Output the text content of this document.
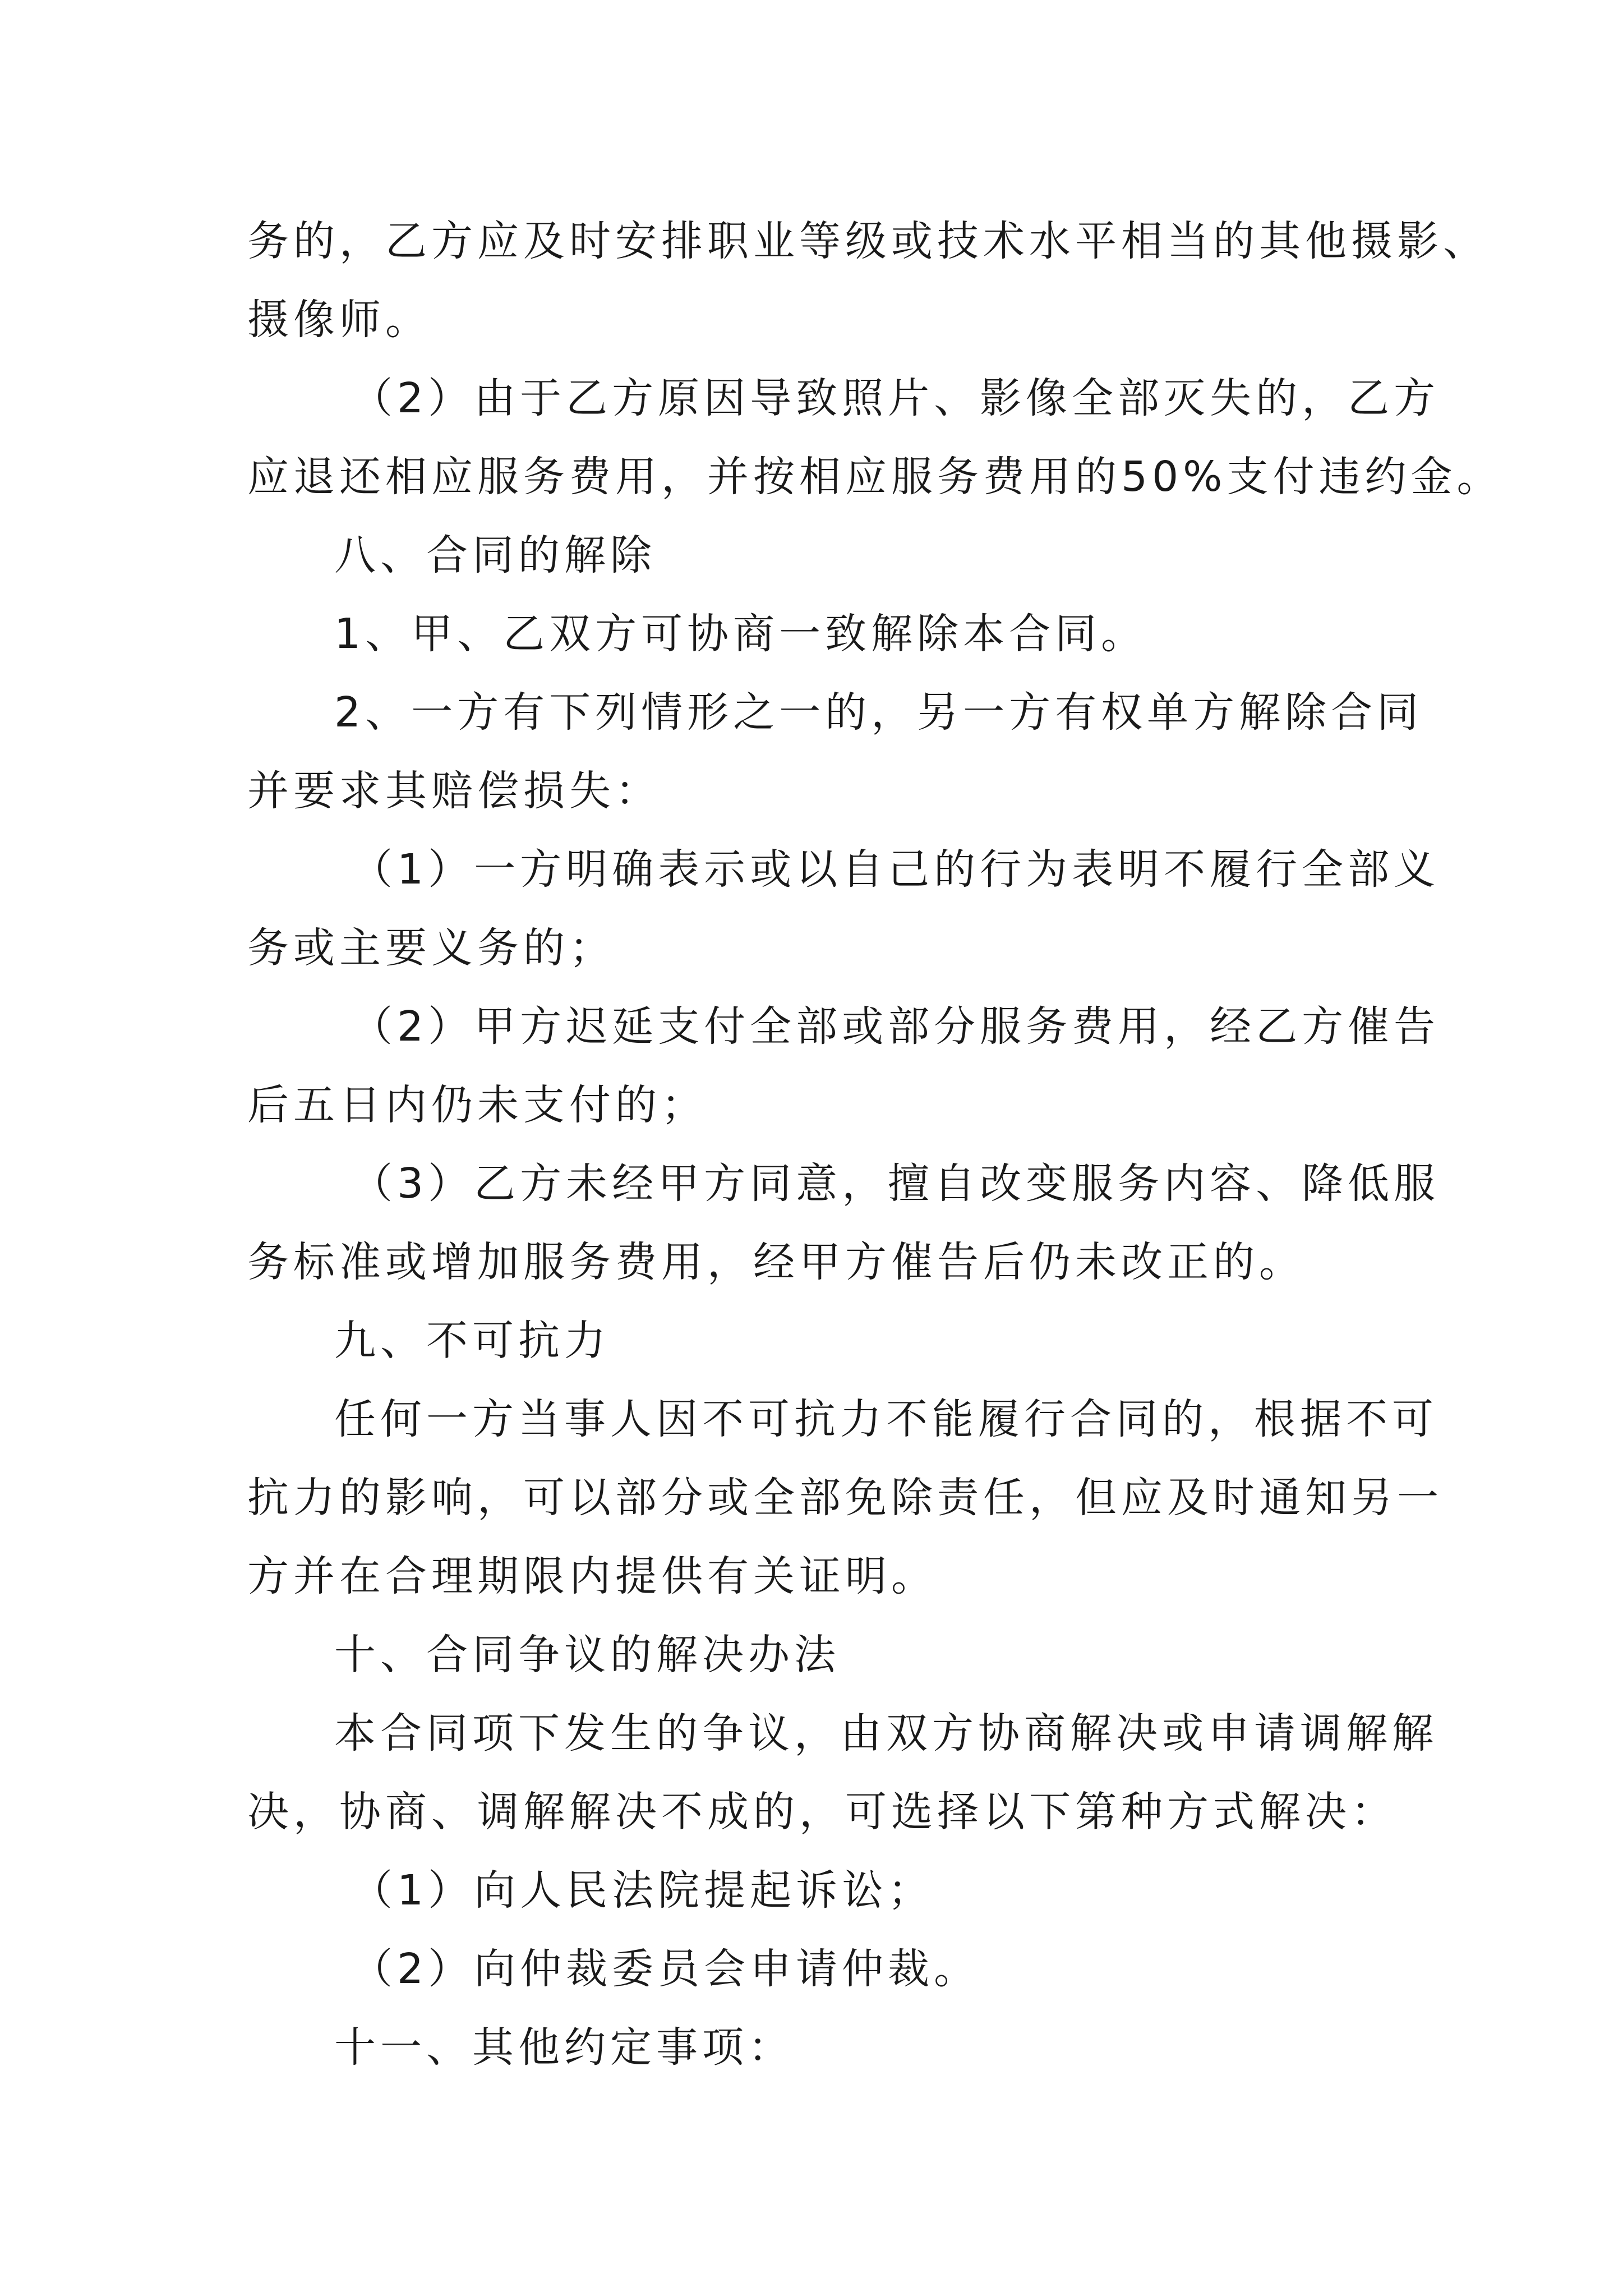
务的，乙方应及时安排职业等级或技术水平相当的其他摄影、

摄像师。

（2）由于乙方原因导致照片、影像全部灭失的，乙方

应退还相应服务费用，并按相应服务费用的50%支付违约金。

八、合同的解除

1、甲、乙双方可协商一致解除本合同。

2、一方有下列情形之一的，另一方有权单方解除合同

并要求其赔偿损失：

（1）一方明确表示或以自己的行为表明不履行全部义

务或主要义务的；

（2）甲方迟延支付全部或部分服务费用，经乙方催告

后五日内仍未支付的；

（3）乙方未经甲方同意，擅自改变服务内容、降低服

务标准或增加服务费用，经甲方催告后仍未改正的。

九、不可抗力

任何一方当事人因不可抗力不能履行合同的，根据不可

抗力的影响，可以部分或全部免除责任，但应及时通知另一

方并在合理期限内提供有关证明。

十、合同争议的解决办法

本合同项下发生的争议，由双方协商解决或申请调解解

决，协商、调解解决不成的，可选择以下第种方式解决：

（1）向人民法院提起诉讼；

（2）向仲裁委员会申请仲裁。

十一、其他约定事项：
